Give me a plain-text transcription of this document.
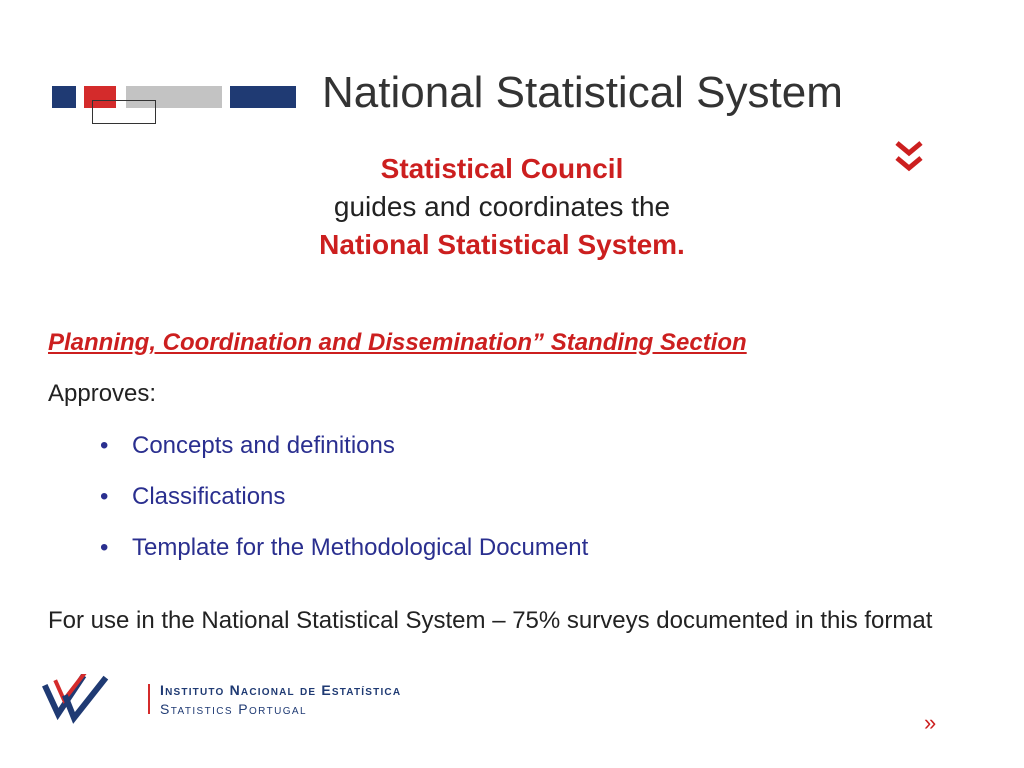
National Statistical System
Statistical Council
guides and coordinates the
National Statistical System.
Planning, Coordination and Dissemination” Standing Section
Approves:
• Concepts and definitions
• Classifications
• Template for the Methodological Document
For use in the National Statistical System – 75% surveys documented in this format
Instituto Nacional de Estatística
Statistics Portugal
»
